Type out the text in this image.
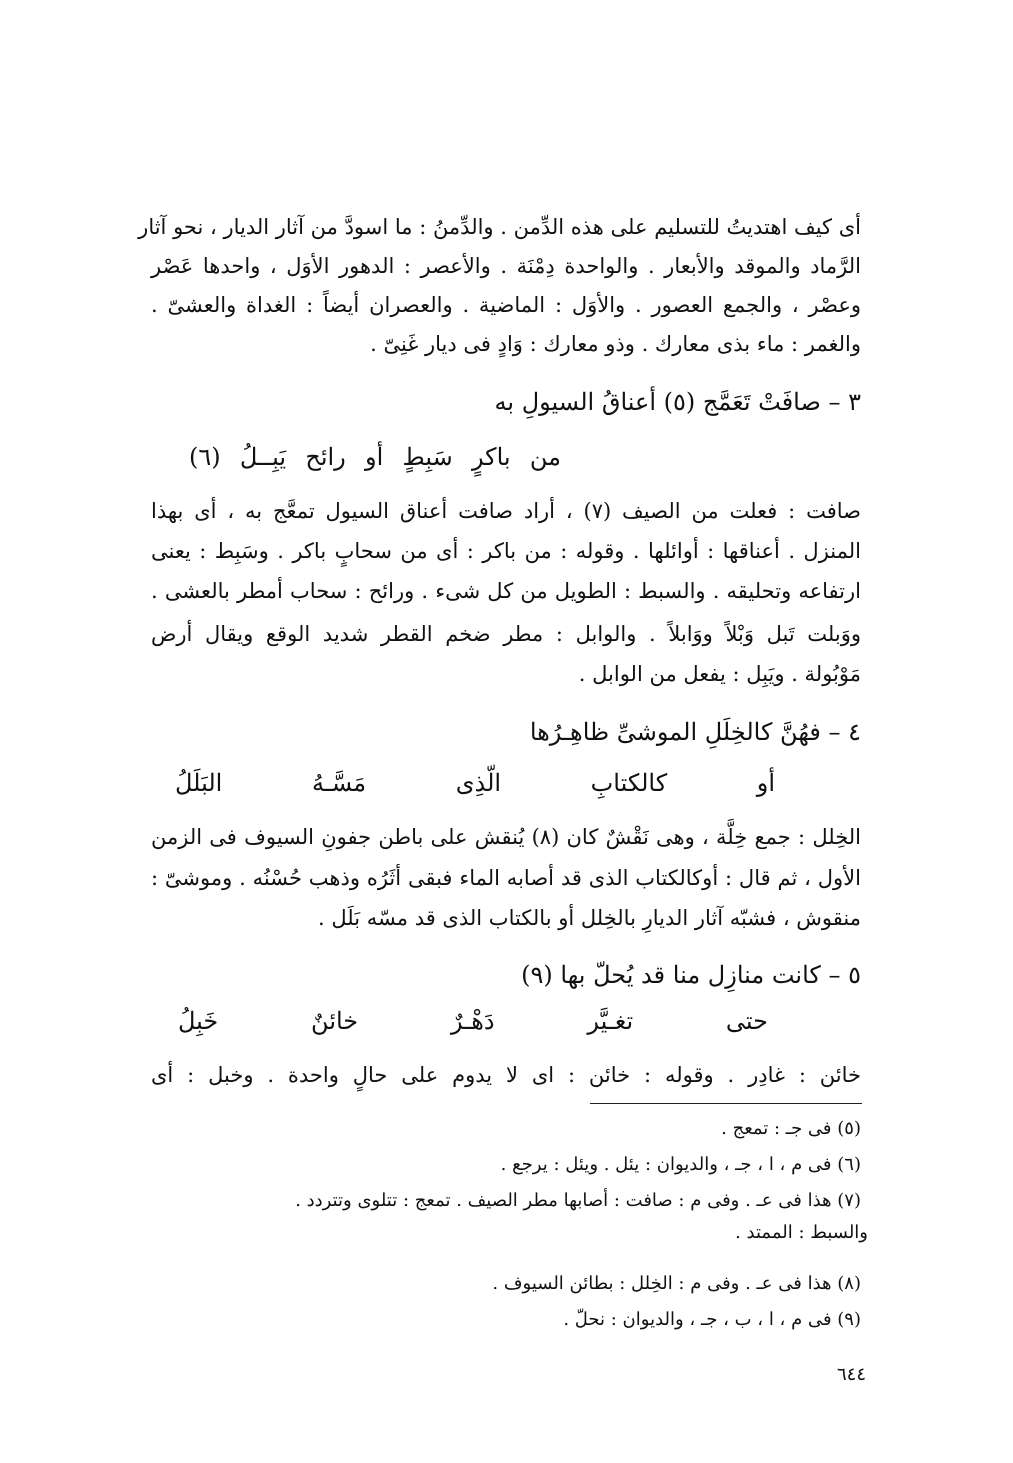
أى كيف اهتديتُ للتسليم على هذه الدِّمن . والدِّمنُ : ما اسودَّ من آثار الديار ، نحو آثار
الرَّماد والموقد والأبعار . والواحدة دِمْنَة . والأعصر : الدهور الأوَل ، واحدها عَصْر
وعصْر ، والجمع العصور . والأوَل : الماضية . والعصران أيضاً : الغداة والعشىّ .
والغمر : ماء بذى معارك . وذو معارك : وَادٍ فى ديار غَنِىّ .
٣ – صافَتْ تَعَمَّج (٥) أعناقُ السيولِ به
من باكرٍ سَبِطٍ أو رائح يَبِــلُ (٦)
صافت : فعلت من الصيف (٧) ، أراد صافت أعناق السيول تمعَّج به ، أى بهذا
المنزل . أعناقها : أوائلها . وقوله : من باكر : أى من سحابٍ باكر . وسَبِط : يعنى
ارتفاعه وتحليقه . والسبط : الطويل من كل شىء . ورائح : سحاب أمطر بالعشى .
ووَبلت تَبل وَبْلاً ووَابلاً . والوابل : مطر ضخم القطر شديد الوقع ويقال أرض
مَوْبُولة . ويَبِل : يفعل من الوابل .
٤ – فهُنَّ كالخِلَلِ الموشىِّ ظاهِـرُها
أو كالكتابِ الّذِى مَسَّـهُ البَلَلُ
الخِلل : جمع خِلَّة ، وهى نَقْشٌ كان (٨) يُنقش على باطن جفونِ السيوف فى الزمن
الأول ، ثم قال : أوكالكتاب الذى قد أصابه الماء فبقى أثَرُه وذهب حُسْنُه . وموشىّ :
منقوش ، فشبّه آثار الديارِ بالخِلل أو بالكتاب الذى قد مسّه بَلَل .
٥ – كانت منازِل منا قد يُحلّ بها (٩)
حتى تغـيَّر دَهْـرٌ خائنٌ خَبِلُ
خائن : غادِر . وقوله : خائن : اى لا يدوم على حالٍ واحدة . وخبل : أى
(٥) فى جـ : تمعج .
(٦) فى م ، ا ، جـ ، والديوان : يئل . ويئل : يرجع .
(٧) هذا فى عـ . وفى م : صافت : أصابها مطر الصيف . تمعج : تتلوى وتتردد .
والسبط : الممتد .
(٨) هذا فى عـ . وفى م : الخِلل : بطائن السيوف .
(٩) فى م ، ا ، ب ، جـ ، والديوان : نحلّ .
٦٤٤
